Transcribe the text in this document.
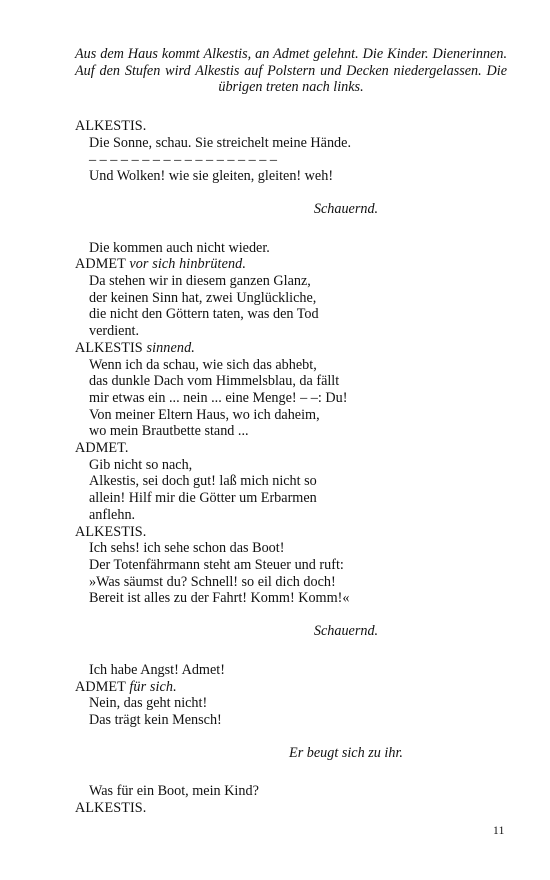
Aus dem Haus kommt Alkestis, an Admet gelehnt. Die Kinder. Dienerinnen. Auf den Stufen wird Alkestis auf Polstern und Decken niedergelassen. Die übrigen treten nach links.

ALKESTIS.
Die Sonne, schau. Sie streichelt meine Hände.
– – – – – – – – – – – – – – – – – –
Und Wolken! wie sie gleiten, gleiten! weh!
Schauernd.
Die kommen auch nicht wieder.
ADMET vor sich hinbrütend.
Da stehen wir in diesem ganzen Glanz,
der keinen Sinn hat, zwei Unglückliche,
die nicht den Göttern taten, was den Tod
verdient.
ALKESTIS sinnend.
Wenn ich da schau, wie sich das abhebt,
das dunkle Dach vom Himmelsblau, da fällt
mir etwas ein ... nein ... eine Menge! – –: Du!
Von meiner Eltern Haus, wo ich daheim,
wo mein Brautbette stand ...
ADMET.
Gib nicht so nach,
Alkestis, sei doch gut! laß mich nicht so
allein! Hilf mir die Götter um Erbarmen
anflehn.
ALKESTIS.
Ich sehs! ich sehe schon das Boot!
Der Totenfährmann steht am Steuer und ruft:
»Was säumst du? Schnell! so eil dich doch!
Bereit ist alles zu der Fahrt! Komm! Komm!«
Schauernd.
Ich habe Angst! Admet!
ADMET für sich.
Nein, das geht nicht!
Das trägt kein Mensch!
Er beugt sich zu ihr.
Was für ein Boot, mein Kind?
ALKESTIS.
11
